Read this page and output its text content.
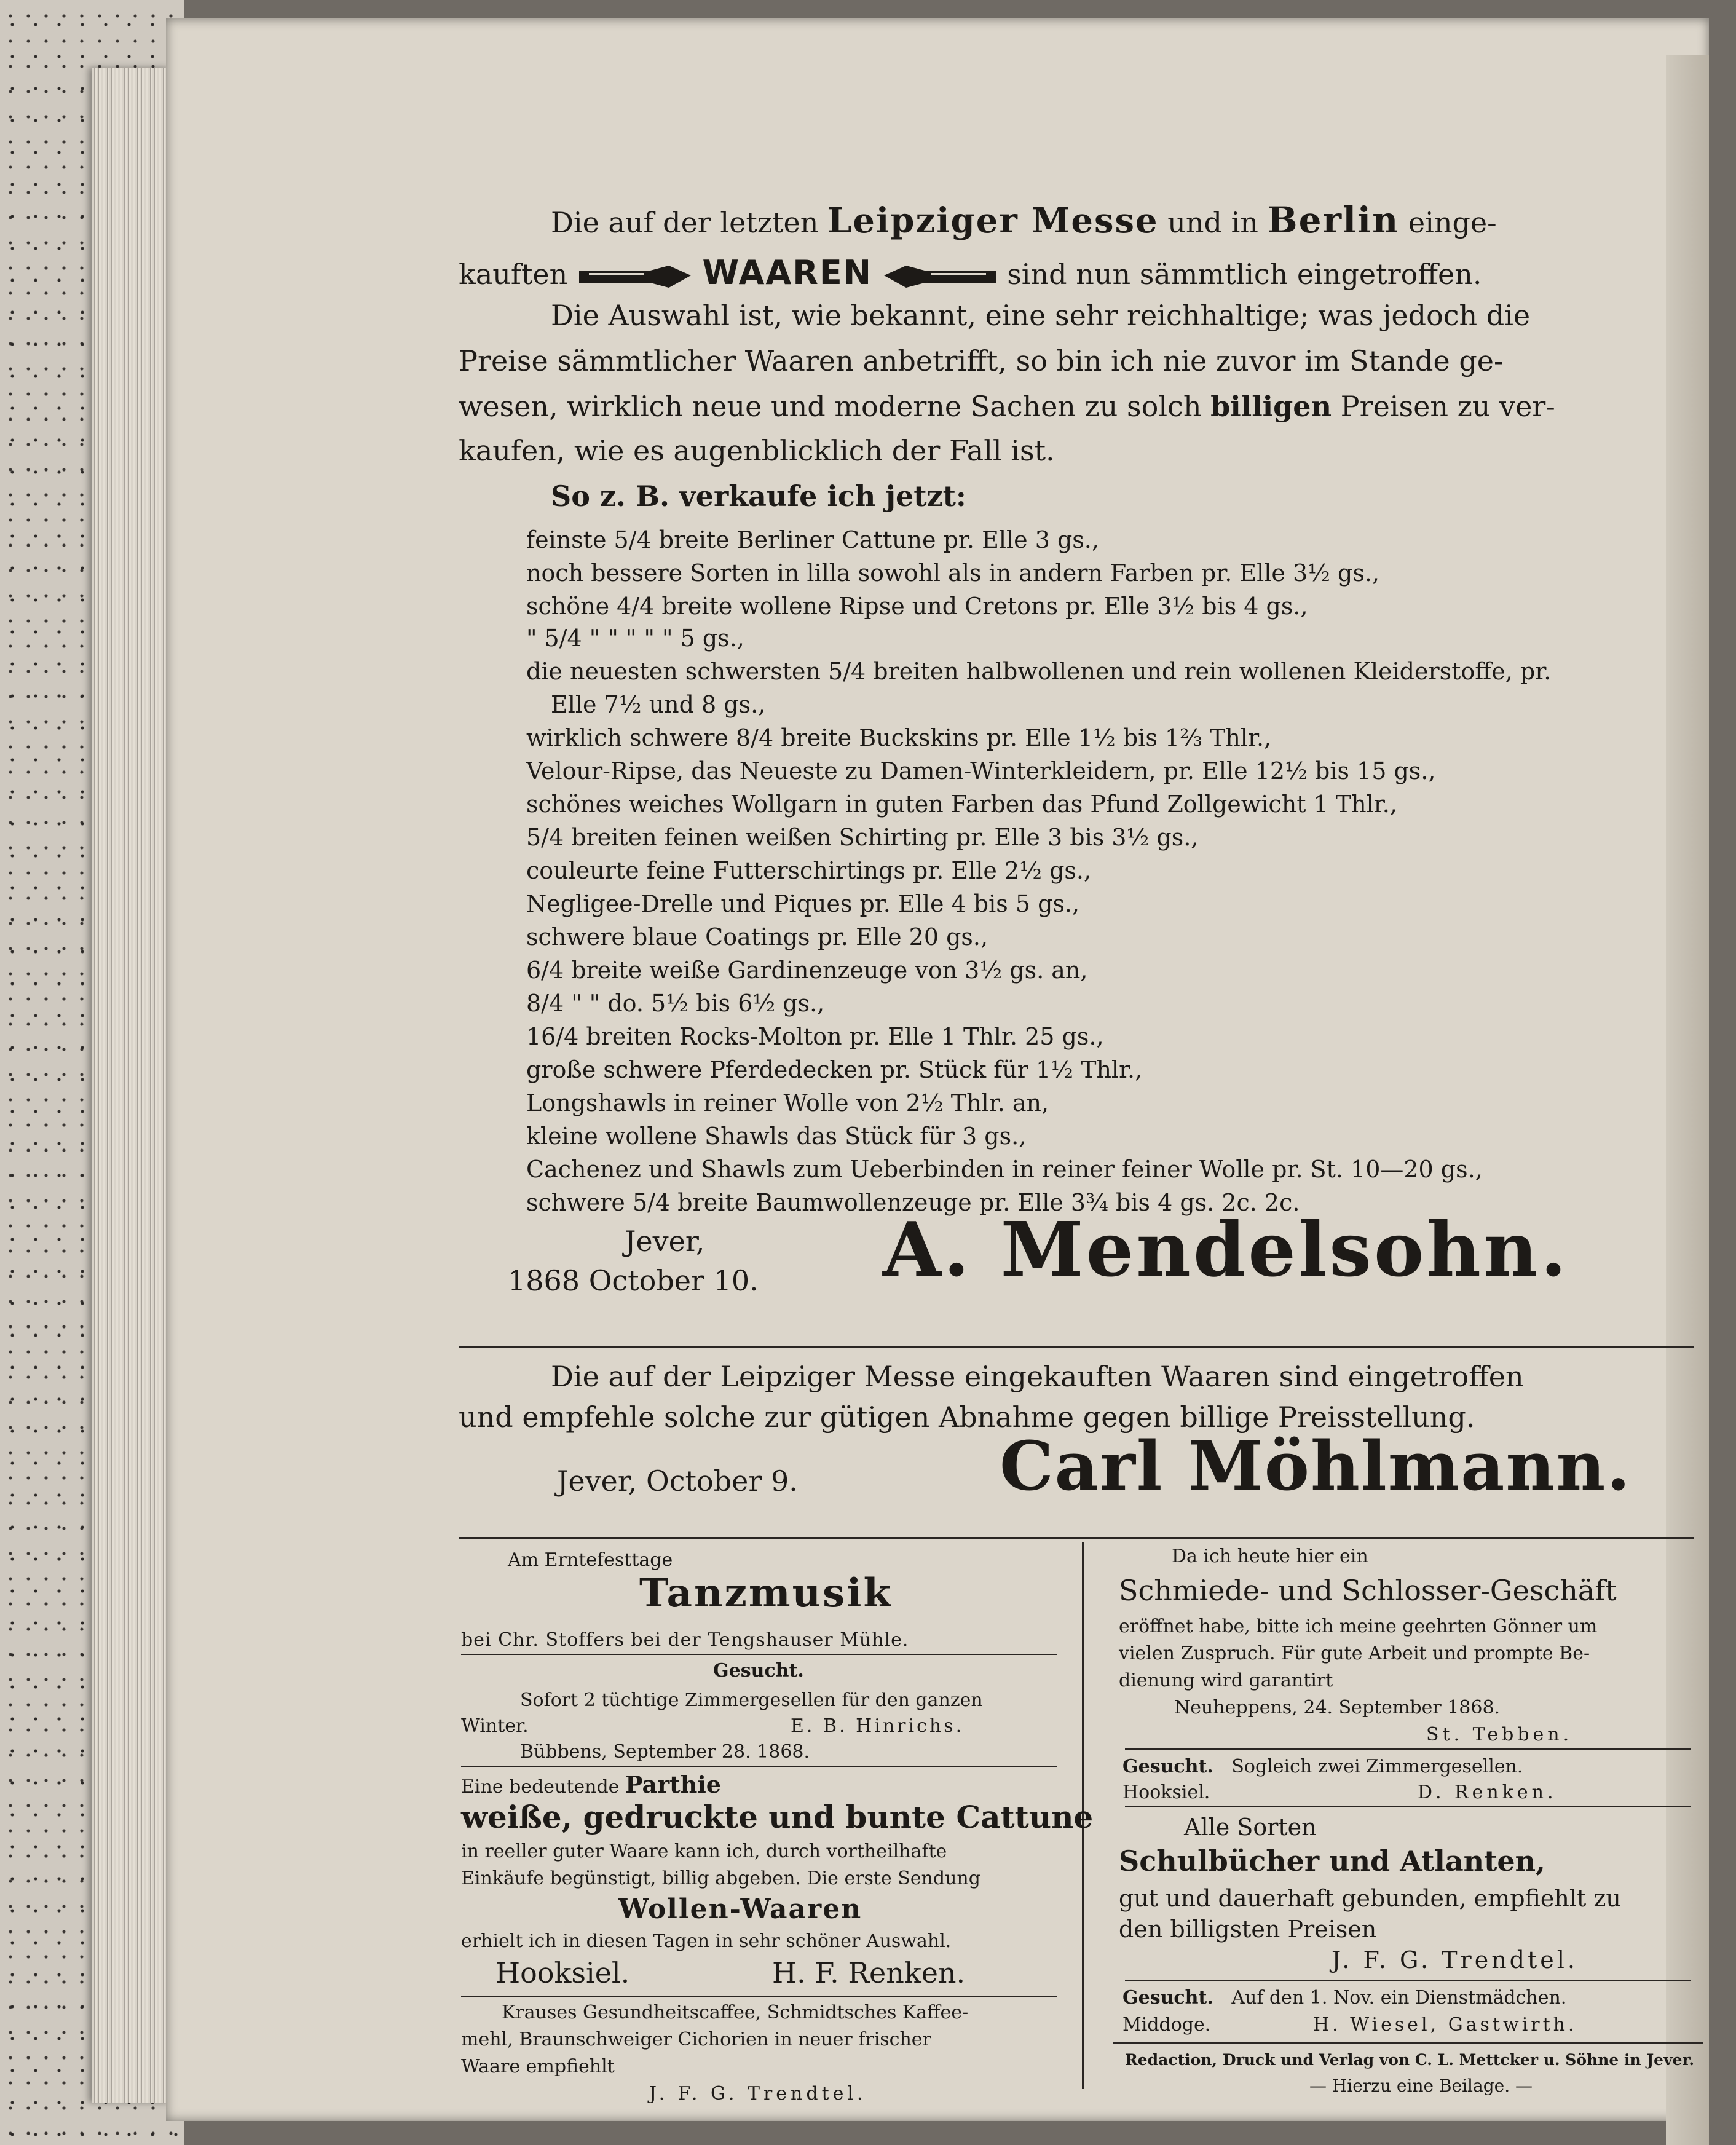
Die auf der letzten Leipziger Messe und in Berlin einge-
kauften	WAAREN	sind nun sämmtlich eingetroffen.
Die Auswahl ist, wie bekannt, eine sehr reichhaltige; was jedoch die
Preise sämmtlicher Waaren anbetrifft, so bin ich nie zuvor im Stande ge-
wesen, wirklich neue und moderne Sachen zu solch billigen Preisen zu ver-
kaufen, wie es augenblicklich der Fall ist.
So z. B. verkaufe ich jetzt:
feinste 5/4 breite Berliner Cattune pr. Elle 3 gs.,
noch bessere Sorten in lilla sowohl als in andern Farben pr. Elle 3½ gs.,
schöne 4/4 breite wollene Ripse und Cretons pr. Elle 3½ bis 4 gs.,
" 5/4 " " " " " 5 gs.,
die neuesten schwersten 5/4 breiten halbwollenen und rein wollenen Kleiderstoffe, pr.
Elle 7½ und 8 gs.,
wirklich schwere 8/4 breite Buckskins pr. Elle 1½ bis 1⅔ Thlr.,
Velour-Ripse, das Neueste zu Damen-Winterkleidern, pr. Elle 12½ bis 15 gs.,
schönes weiches Wollgarn in guten Farben das Pfund Zollgewicht 1 Thlr.,
5/4 breiten feinen weißen Schirting pr. Elle 3 bis 3½ gs.,
couleurte feine Futterschirtings pr. Elle 2½ gs.,
Negligee-Drelle und Piques pr. Elle 4 bis 5 gs.,
schwere blaue Coatings pr. Elle 20 gs.,
6/4 breite weiße Gardinenzeuge von 3½ gs. an,
8/4 " " do. 5½ bis 6½ gs.,
16/4 breiten Rocks-Molton pr. Elle 1 Thlr. 25 gs.,
große schwere Pferdedecken pr. Stück für 1½ Thlr.,
Longshawls in reiner Wolle von 2½ Thlr. an,
kleine wollene Shawls das Stück für 3 gs.,
Cachenez und Shawls zum Ueberbinden in reiner feiner Wolle pr. St. 10—20 gs.,
schwere 5/4 breite Baumwollenzeuge pr. Elle 3¾ bis 4 gs. 2c. 2c.
Jever,
1868 October 10. A. Mendelsohn.
Die auf der Leipziger Messe eingekauften Waaren sind eingetroffen
und empfehle solche zur gütigen Abnahme gegen billige Preisstellung.
Jever, October 9.	Carl Möhlmann.
Am Erntefesttage
Tanzmusik
bei Chr. Stoffers bei der Tengshauser Mühle.
Gesucht.
Sofort 2 tüchtige Zimmergesellen für den ganzen
Winter.	E. B. Hinrichs.
Bübbens, September 28. 1868.
Eine bedeutende Parthie
weiße, gedruckte und bunte Cattune
in reeller guter Waare kann ich, durch vortheilhafte
Einkäufe begünstigt, billig abgeben. Die erste Sendung
Wollen-Waaren
erhielt ich in diesen Tagen in sehr schöner Auswahl.
Hooksiel.	H. F. Renken.
Krauses Gesundheitscaffee, Schmidtsches Kaffee-
mehl, Braunschweiger Cichorien in neuer frischer
Waare empfiehlt
J. F. G. Trendtel.
Da ich heute hier ein
Schmiede- und Schlosser-Geschäft
eröffnet habe, bitte ich meine geehrten Gönner um
vielen Zuspruch. Für gute Arbeit und prompte Be-
dienung wird garantirt
Neuheppens, 24. September 1868.
St. Tebben.
Gesucht. Sogleich zwei Zimmergesellen.
Hooksiel.	D. Renken.
Alle Sorten
Schulbücher und Atlanten,
gut und dauerhaft gebunden, empfiehlt zu
den billigsten Preisen
J. F. G. Trendtel.
Gesucht. Auf den 1. Nov. ein Dienstmädchen.
Middoge.	H. Wiesel, Gastwirth.
Redaction, Druck und Verlag von C. L. Mettcker u. Söhne in Jever.
— Hierzu eine Beilage. —
